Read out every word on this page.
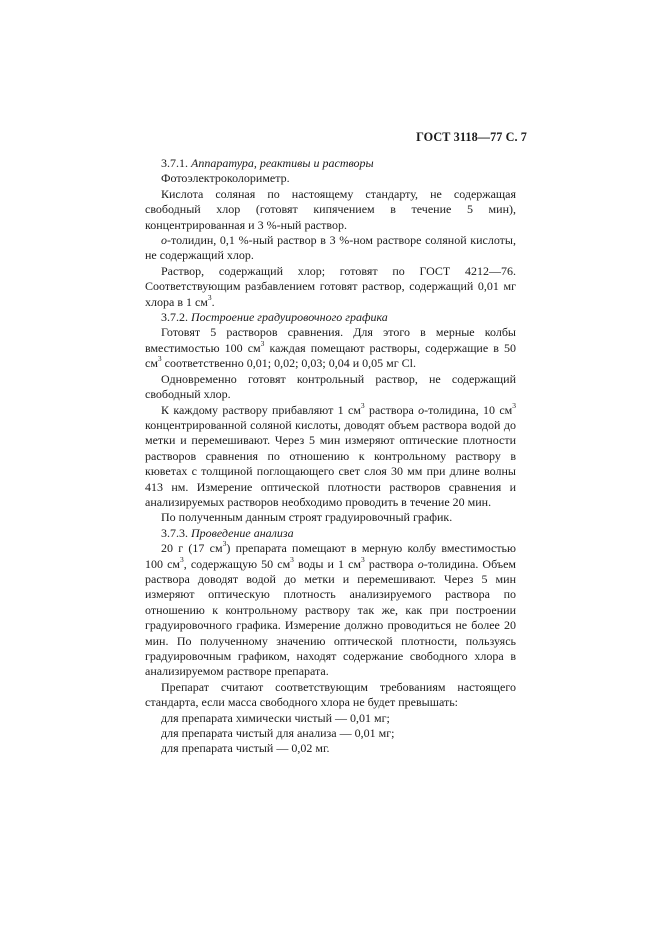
ГОСТ 3118—77 С. 7

3.7.1. Аппаратура, реактивы и растворы

Фотоэлектроколориметр.

Кислота соляная по настоящему стандарту, не содержащая свободный хлор (готовят кипячением в течение 5 мин), концентрированная и 3 %-ный раствор.

о-толидин, 0,1 %-ный раствор в 3 %-ном растворе соляной кислоты, не содержащий хлор.

Раствор, содержащий хлор; готовят по ГОСТ 4212—76. Соответствующим разбавлением готовят раствор, содержащий 0,01 мг хлора в 1 $см^3$.

3.7.2. Построение градуировочного графика

Готовят 5 растворов сравнения. Для этого в мерные колбы вместимостью 100 $см^3$ каждая помещают растворы, содержащие в 50 $см^3$ соответственно 0,01; 0,02; 0,03; 0,04 и 0,05 мг Cl.

Одновременно готовят контрольный раствор, не содержащий свободный хлор.

К каждому раствору прибавляют 1 $см^3$ раствора о-толидина, 10 $см^3$ концентрированной соляной кислоты, доводят объем раствора водой до метки и перемешивают. Через 5 мин измеряют оптические плотности растворов сравнения по отношению к контрольному раствору в кюветах с толщиной поглощающего свет слоя 30 мм при длине волны 413 нм. Измерение оптической плотности растворов сравнения и анализируемых растворов необходимо проводить в течение 20 мин.

По полученным данным строят градуировочный график.

3.7.3. Проведение анализа

20 г (17 $см^3$) препарата помещают в мерную колбу вместимостью 100 $см^3$, содержащую 50 $см^3$ воды и 1 $см^3$ раствора о-толидина. Объем раствора доводят водой до метки и перемешивают. Через 5 мин измеряют оптическую плотность анализируемого раствора по отношению к контрольному раствору так же, как при построении градуировочного графика. Измерение должно проводиться не более 20 мин. По полученному значению оптической плотности, пользуясь градуировочным графиком, находят содержание свободного хлора в анализируемом растворе препарата.

Препарат считают соответствующим требованиям настоящего стандарта, если масса свободного хлора не будет превышать:

для препарата химически чистый — 0,01 мг;

для препарата чистый для анализа — 0,01 мг;

для препарата чистый — 0,02 мг.
